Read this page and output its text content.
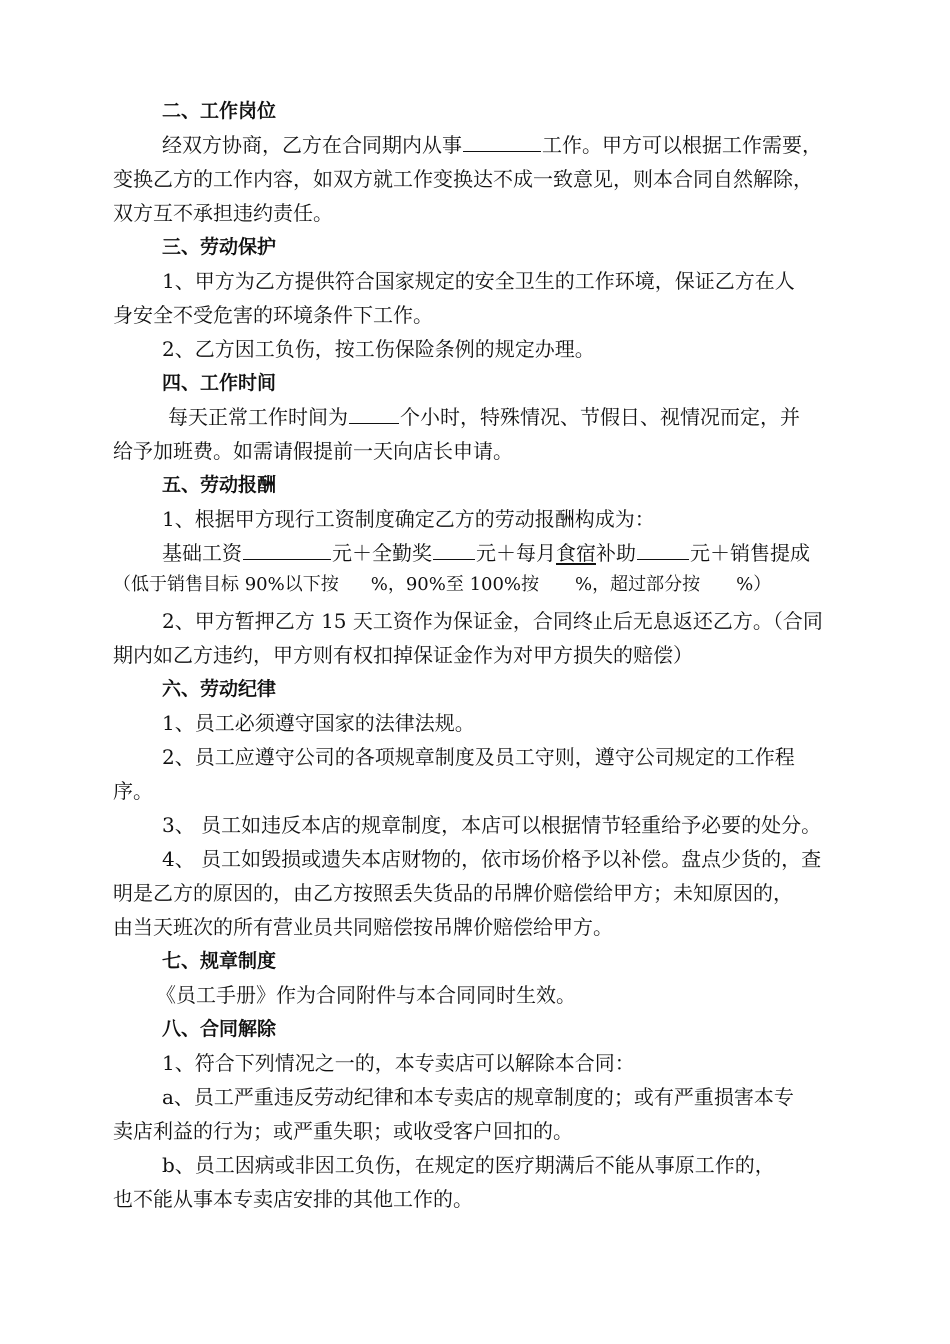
二、工作岗位
经双方协商，乙方在合同期内从事	工作。甲方可以根据工作需要，
变换乙方的工作内容，如双方就工作变换达不成一致意见，则本合同自然解除，
双方互不承担违约责任。
三、劳动保护
1、甲方为乙方提供符合国家规定的安全卫生的工作环境，保证乙方在人
身安全不受危害的环境条件下工作。
2、乙方因工负伤，按工伤保险条例的规定办理。
四、工作时间
每天正常工作时间为	个小时，特殊情况、节假日、视情况而定，并
给予加班费。如需请假提前一天向店长申请。
五、劳动报酬
1、根据甲方现行工资制度确定乙方的劳动报酬构成为：
基础工资	元＋全勤奖 元＋每月食宿补助	元＋销售提成
（低于销售目标 90%以下按 %，90%至 100%按 %，超过部分按 %）
2、甲方暂押乙方 15 天工资作为保证金，合同终止后无息返还乙方。（合同
期内如乙方违约，甲方则有权扣掉保证金作为对甲方损失的赔偿）
六、劳动纪律
1、员工必须遵守国家的法律法规。
2、员工应遵守公司的各项规章制度及员工守则，遵守公司规定的工作程
序。
3、 员工如违反本店的规章制度，本店可以根据情节轻重给予必要的处分。
4、 员工如毁损或遗失本店财物的，依市场价格予以补偿。盘点少货的，查
明是乙方的原因的，由乙方按照丢失货品的吊牌价赔偿给甲方；未知原因的，
由当天班次的所有营业员共同赔偿按吊牌价赔偿给甲方。
七、规章制度
《员工手册》作为合同附件与本合同同时生效。
八、合同解除
1、符合下列情况之一的，本专卖店可以解除本合同：
a、员工严重违反劳动纪律和本专卖店的规章制度的；或有严重损害本专
卖店利益的行为；或严重失职；或收受客户回扣的。
b、员工因病或非因工负伤，在规定的医疗期满后不能从事原工作的，
也不能从事本专卖店安排的其他工作的。
